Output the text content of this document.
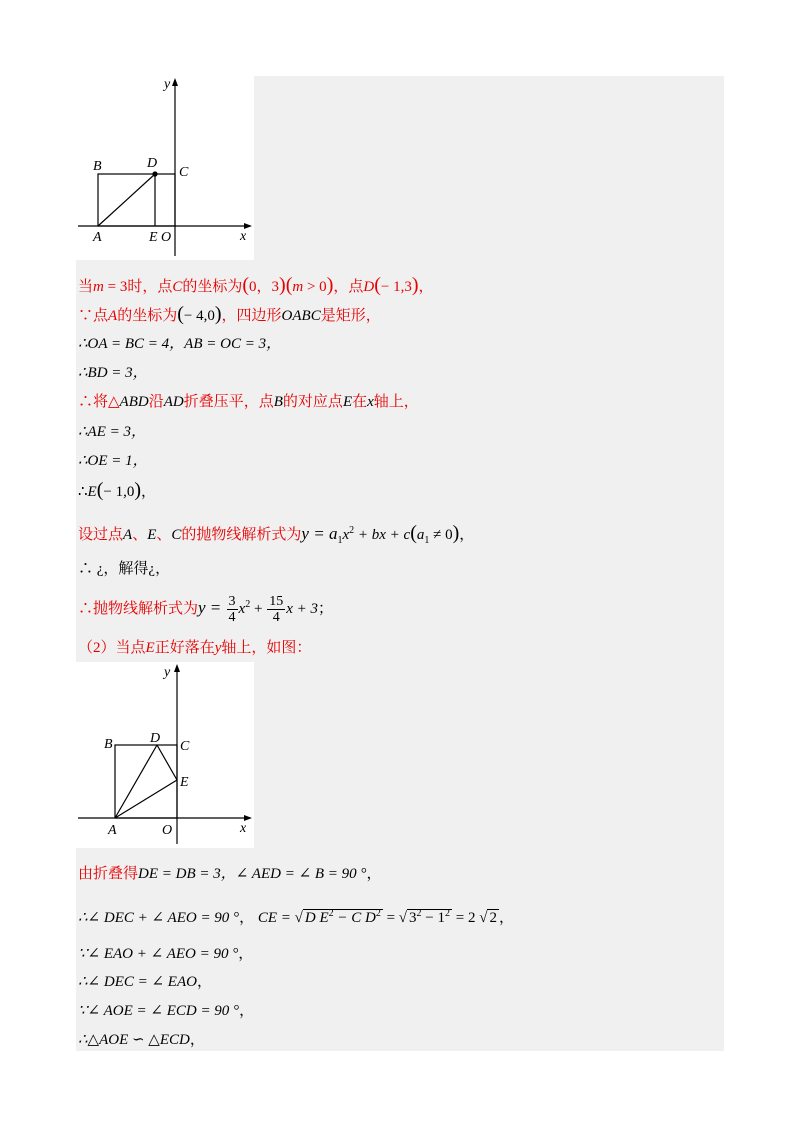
y
x
B	D
C
A	E O
当m = 3时，点C的坐标为(0，3)(m > 0)，点D(− 1,3)，
∵点A的坐标为(− 4,0)，四边形OABC是矩形，
∴OA = BC = 4，AB = OC = 3，
∴BD = 3，
∴将△ABD沿AD折叠压平，点B的对应点E在x轴上，
∴AE = 3，
∴OE = 1，
∴E(− 1,0)，
设过点A、E、C的抛物线解析式为$y = a_1x^2$ + bx + $c(a_1 \ne 0)$，
∴ ¿，解得¿，
∴抛物线解析式为$y = \frac{3}{4} x^2 + \frac{15}{4}$ x + 3；
（2）当点E正好落在y轴上，如图：
y
x
B	D
C
E
A	O
由折叠得DE = DB = 3，∠ AED = ∠ B = 90 °，
∴∠ DEC + ∠ AEO = 90 °， CE = √ D $E^2 - C$ $D^2$ = √ $3^2 - 1^2 = 2$ √ 2 ，
∵∠ EAO + ∠ AEO = 90 °，
∴∠ DEC = ∠ EAO，
∵∠ AOE = ∠ ECD = 90 °，
∴△AOE ∽ △ECD，
